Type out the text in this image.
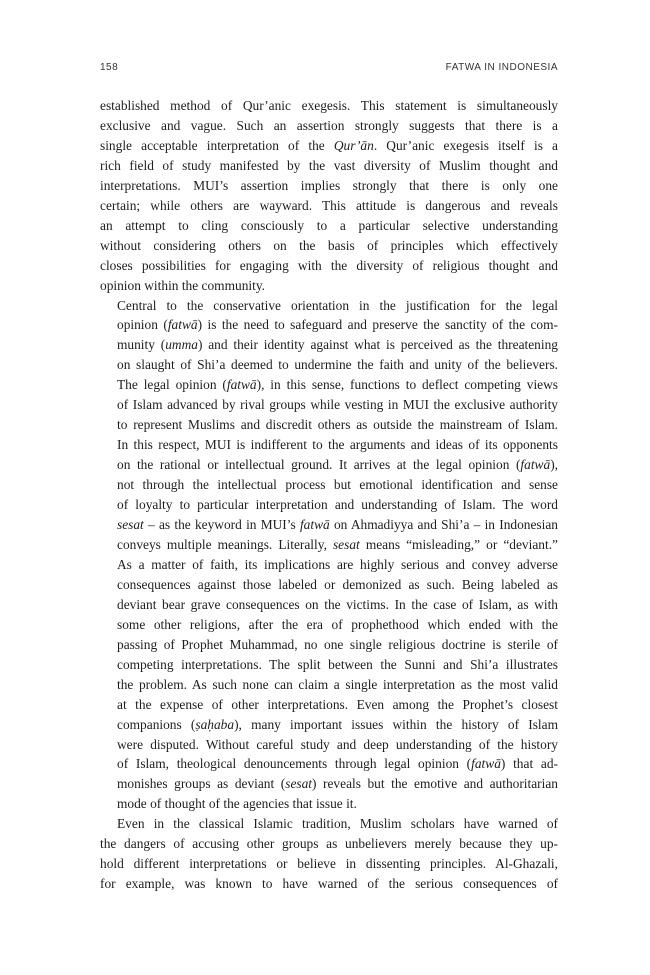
158	FATWA IN INDONESIA

established method of Qur’anic exegesis. This statement is simultaneously
exclusive and vague. Such an assertion strongly suggests that there is a
single acceptable interpretation of the Qur’ān. Qur’anic exegesis itself is a
rich field of study manifested by the vast diversity of Muslim thought and
interpretations. MUI’s assertion implies strongly that there is only one
certain; while others are wayward. This attitude is dangerous and reveals
an attempt to cling consciously to a particular selective understanding
without considering others on the basis of principles which effectively
closes possibilities for engaging with the diversity of religious thought and
opinion within the community.

Central to the conservative orientation in the justification for the legal
opinion (fatwā) is the need to safeguard and preserve the sanctity of the com-
munity (umma) and their identity against what is perceived as the threatening
on slaught of Shi’a deemed to undermine the faith and unity of the believers.
The legal opinion (fatwā), in this sense, functions to deflect competing views
of Islam advanced by rival groups while vesting in MUI the exclusive authority
to represent Muslims and discredit others as outside the mainstream of Islam.
In this respect, MUI is indifferent to the arguments and ideas of its opponents
on the rational or intellectual ground. It arrives at the legal opinion (fatwā),
not through the intellectual process but emotional identification and sense
of loyalty to particular interpretation and understanding of Islam. The word
sesat – as the keyword in MUI’s fatwā on Ahmadiyya and Shi’a – in Indonesian
conveys multiple meanings. Literally, sesat means “misleading,” or “deviant.”
As a matter of faith, its implications are highly serious and convey adverse
consequences against those labeled or demonized as such. Being labeled as
deviant bear grave consequences on the victims. In the case of Islam, as with
some other religions, after the era of prophethood which ended with the
passing of Prophet Muhammad, no one single religious doctrine is sterile of
competing interpretations. The split between the Sunni and Shi’a illustrates
the problem. As such none can claim a single interpretation as the most valid
at the expense of other interpretations. Even among the Prophet’s closest
companions (ṣaḥaba), many important issues within the history of Islam
were disputed. Without careful study and deep understanding of the history
of Islam, theological denouncements through legal opinion (fatwā) that ad-
monishes groups as deviant (sesat) reveals but the emotive and authoritarian
mode of thought of the agencies that issue it.

Even in the classical Islamic tradition, Muslim scholars have warned of
the dangers of accusing other groups as unbelievers merely because they up-
hold different interpretations or believe in dissenting principles. Al-Ghazali,
for example, was known to have warned of the serious consequences of
